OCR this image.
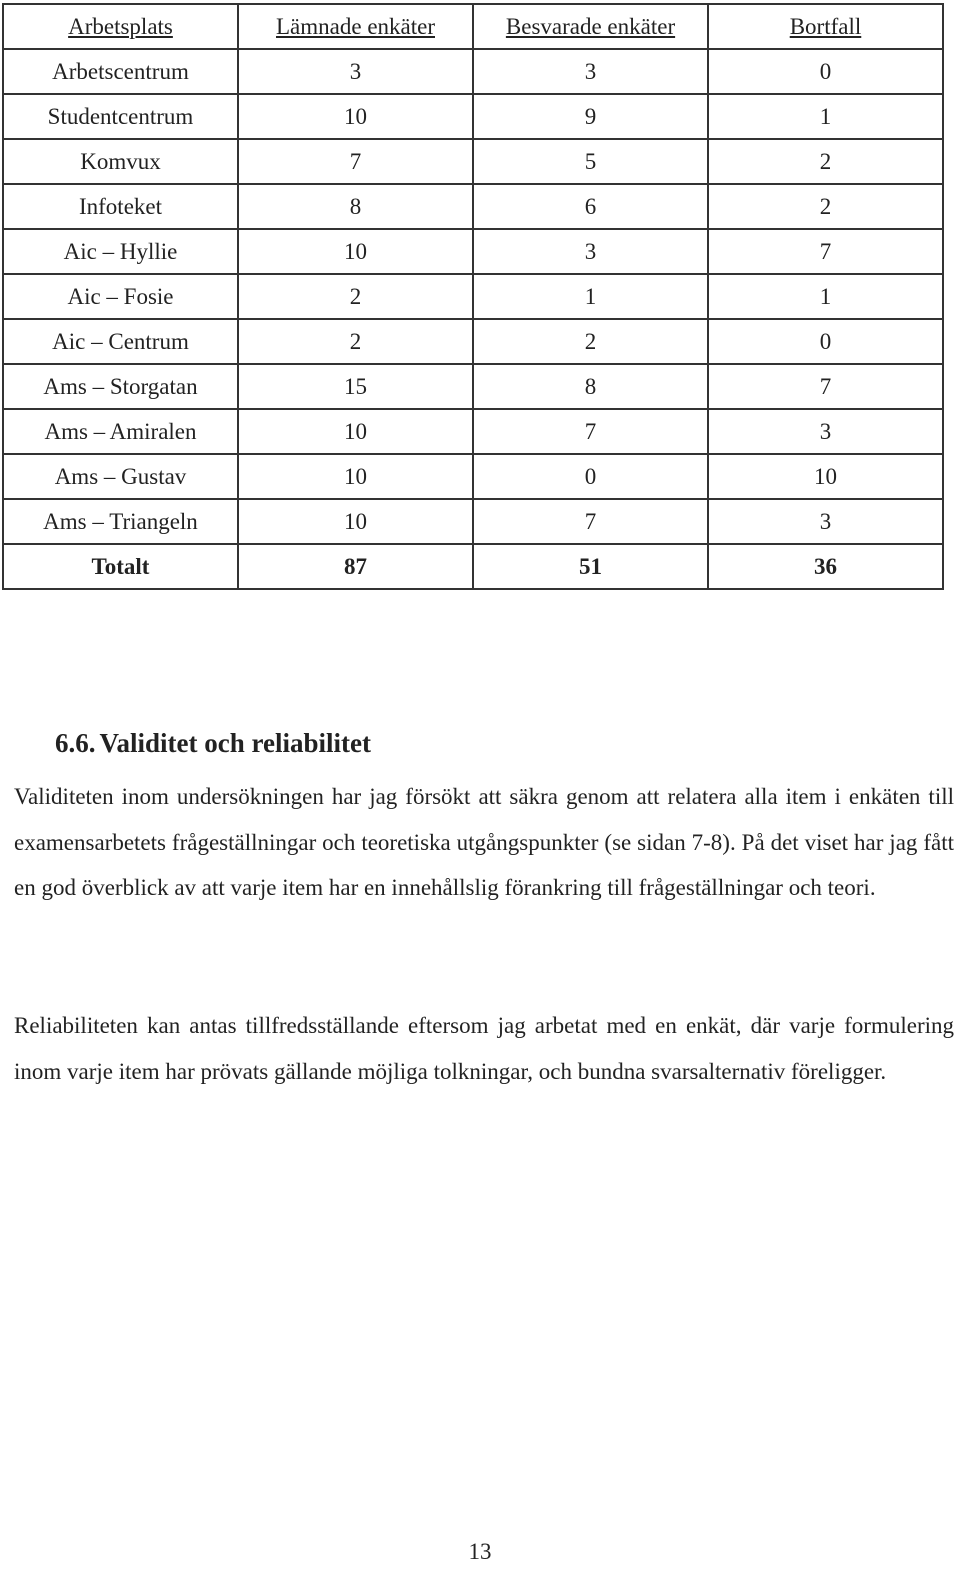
Arbetsplats	Lämnade enkäter	Besvarade enkäter	Bortfall
Arbetscentrum	3	3	0
Studentcentrum	10	9	1
Komvux	7	5	2
Infoteket	8	6	2
Aic – Hyllie	10	3	7
Aic – Fosie	2	1	1
Aic – Centrum	2	2	0
Ams – Storgatan	15	8	7
Ams – Amiralen	10	7	3
Ams – Gustav	10	0	10
Ams – Triangeln	10	7	3
Totalt	87	51	36
6.6. Validitet och reliabilitet

Validiteten inom undersökningen har jag försökt att säkra genom att relatera alla item i enkäten till examensarbetets frågeställningar och teoretiska utgångspunkter (se sidan 7-8). På det viset har jag fått en god överblick av att varje item har en innehållslig förankring till frågeställningar och teori.

Reliabiliteten kan antas tillfredsställande eftersom jag arbetat med en enkät, där varje formulering inom varje item har prövats gällande möjliga tolkningar, och bundna svarsalternativ föreligger.

13
